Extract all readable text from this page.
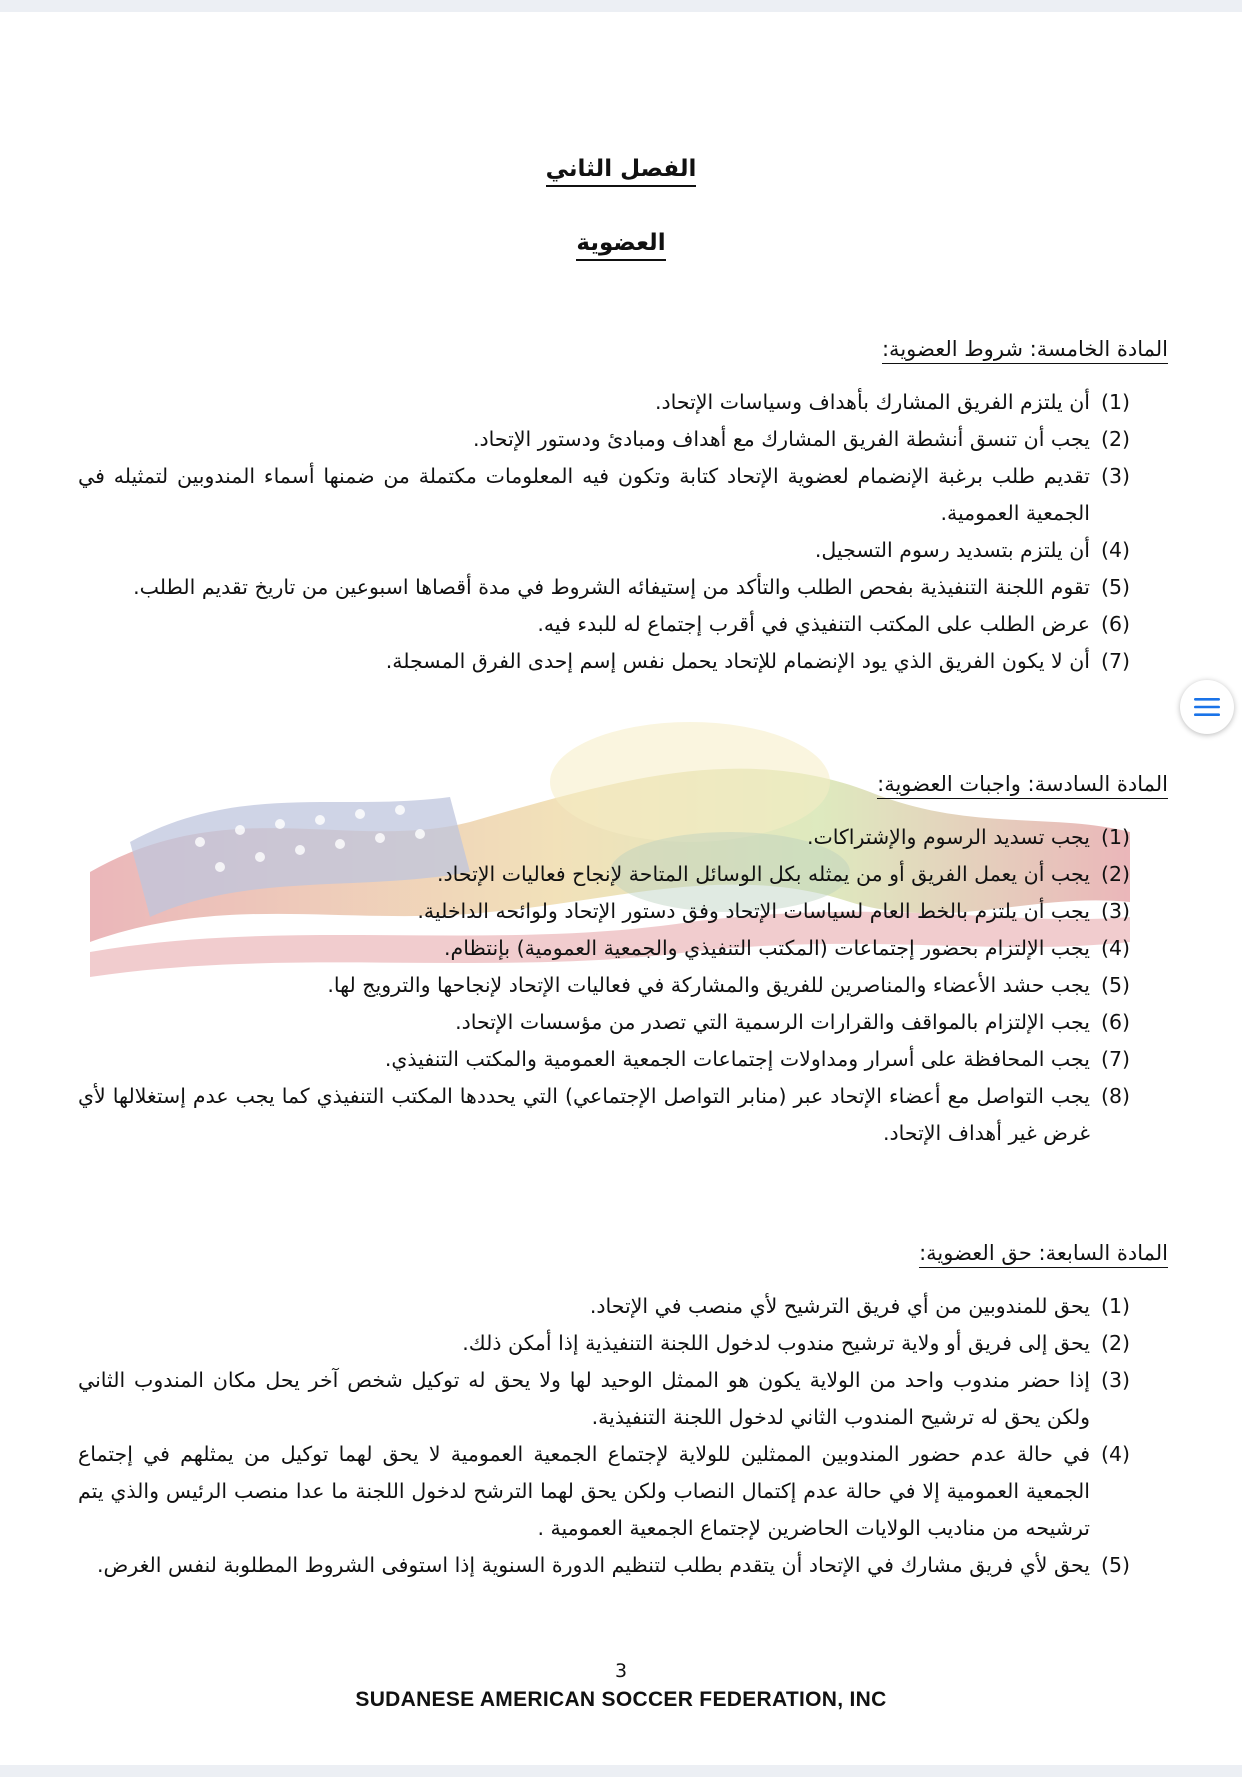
الفصل الثاني
العضوية
المادة الخامسة: شروط العضوية:
(1)
أن يلتزم الفريق المشارك بأهداف وسياسات الإتحاد.
(2)
يجب أن تنسق أنشطة الفريق المشارك مع أهداف ومبادئ ودستور الإتحاد.
(3)
تقديم طلب برغبة الإنضمام لعضوية الإتحاد كتابة وتكون فيه المعلومات مكتملة من ضمنها أسماء المندوبين لتمثيله في الجمعية العمومية.
(4)
أن يلتزم بتسديد رسوم التسجيل.
(5)
تقوم اللجنة التنفيذية بفحص الطلب والتأكد من إستيفائه الشروط في مدة أقصاها اسبوعين من تاريخ تقديم الطلب.
(6)
عرض الطلب على المكتب التنفيذي في أقرب إجتماع له للبدء فيه.
(7)
أن لا يكون الفريق الذي يود الإنضمام للإتحاد يحمل نفس إسم إحدى الفرق المسجلة.
المادة السادسة: واجبات العضوية:
(1)
يجب تسديد الرسوم والإشتراكات.
(2)
يجب أن يعمل الفريق أو من يمثله بكل الوسائل المتاحة لإنجاح فعاليات الإتحاد.
(3)
يجب أن يلتزم بالخط العام لسياسات الإتحاد وفق دستور الإتحاد ولوائحه الداخلية.
(4)
يجب الإلتزام بحضور إجتماعات (المكتب التنفيذي والجمعية العمومية) بإنتظام.
(5)
يجب حشد الأعضاء والمناصرين للفريق والمشاركة في فعاليات الإتحاد لإنجاحها والترويج لها.
(6)
يجب الإلتزام بالمواقف والقرارات الرسمية التي تصدر من مؤسسات الإتحاد.
(7)
يجب المحافظة على أسرار ومداولات إجتماعات الجمعية العمومية والمكتب التنفيذي.
(8)
يجب التواصل مع أعضاء الإتحاد عبر (منابر التواصل الإجتماعي) التي يحددها المكتب التنفيذي كما يجب عدم إستغلالها لأي غرض غير أهداف الإتحاد.
المادة السابعة: حق العضوية:
(1)
يحق للمندوبين من أي فريق الترشيح لأي منصب في الإتحاد.
(2)
يحق إلى فريق أو ولاية ترشيح مندوب لدخول اللجنة التنفيذية إذا أمكن ذلك.
(3)
إذا حضر مندوب واحد من الولاية يكون هو الممثل الوحيد لها ولا يحق له توكيل شخص آخر يحل مكان المندوب الثاني ولكن يحق له ترشيح المندوب الثاني لدخول اللجنة التنفيذية.
(4)
في حالة عدم حضور المندوبين الممثلين للولاية لإجتماع الجمعية العمومية لا يحق لهما توكيل من يمثلهم في إجتماع الجمعية العمومية إلا في حالة عدم إكتمال النصاب ولكن يحق لهما الترشح لدخول اللجنة ما عدا منصب الرئيس والذي يتم ترشيحه من مناديب الولايات الحاضرين لإجتماع الجمعية العمومية .
(5)
يحق لأي فريق مشارك في الإتحاد أن يتقدم بطلب لتنظيم الدورة السنوية إذا استوفى الشروط المطلوبة لنفس الغرض.
3
SUDANESE AMERICAN SOCCER FEDERATION, INC
